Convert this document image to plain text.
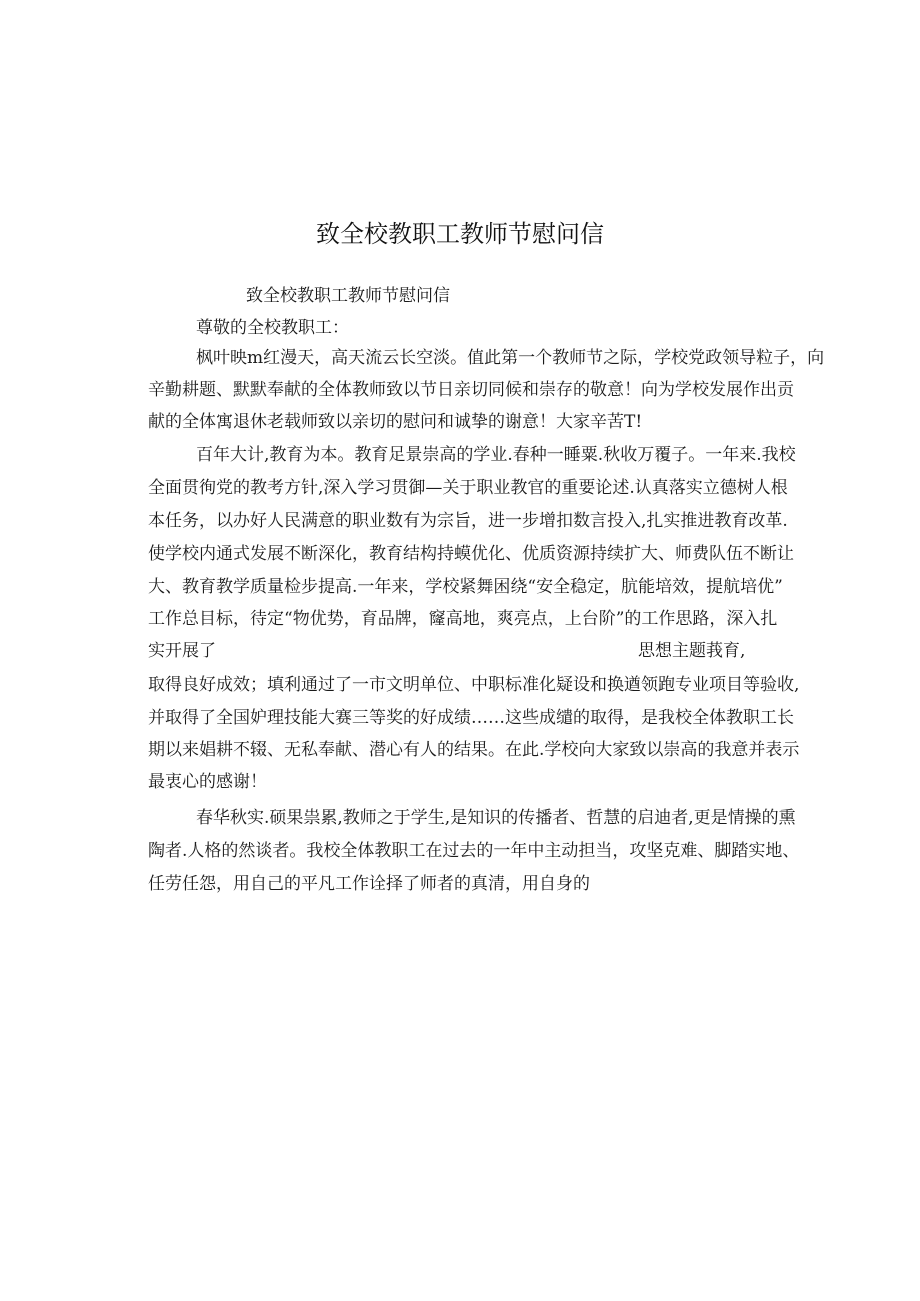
致全校教职工教师节慰问信
致全校教职工教师节慰问信
尊敬的全校教职工：
枫叶映m红漫天，高天流云长空淡。值此第一个教师节之际，学校党政领导粒子，向
辛勤耕题、默默奉献的全体教师致以节日亲切同候和崇存的敬意！向为学校发展作出贡
献的全体寓退休老载师致以亲切的慰问和诚挚的谢意！大家辛苦T!
百年大计,教育为本。教育足景崇高的学业.春种一睡粟.秋收万覆子。一年来.我校
全面贯徇党的教考方针,深入学习贯御—关于职业教官的重要论述.认真落实立德树人根
本任务，以办好人民满意的职业数有为宗旨，进一步增扣数言投入,扎实推进教育改革.
使学校内通式发展不断深化，教育结构持蟆优化、优质资源持续扩大、师费队伍不断让
大、教育教学质量检步提高.一年来，学校紧舞困绕“安全稳定，肮能培效，提航培优”
工作总目标，待定“物优势，育品牌，窿高地，爽亮点，上台阶”的工作思路，深入扎
实开展了	思想主题莪育,
取得良好成效；填利通过了一市文明单位、中职标准化疑设和换遒领跑专业项目等验收,
并取得了全国妒理技能大赛三等奖的好成绩……这些成缱的取得，是我校全体教职工长
期以来娼耕不辍、无私奉献、潜心有人的结果。在此.学校向大家致以崇高的我意并表示
最衷心的感谢！
春华秋实.硕果祟累,教师之于学生,是知识的传播者、哲慧的启迪者,更是情操的熏
陶者.人格的然谈者。我校全体教职工在过去的一年中主动担当，攻坚克难、脚踏实地、
任劳任怨，用自己的平凡工作诠择了师者的真清，用自身的
